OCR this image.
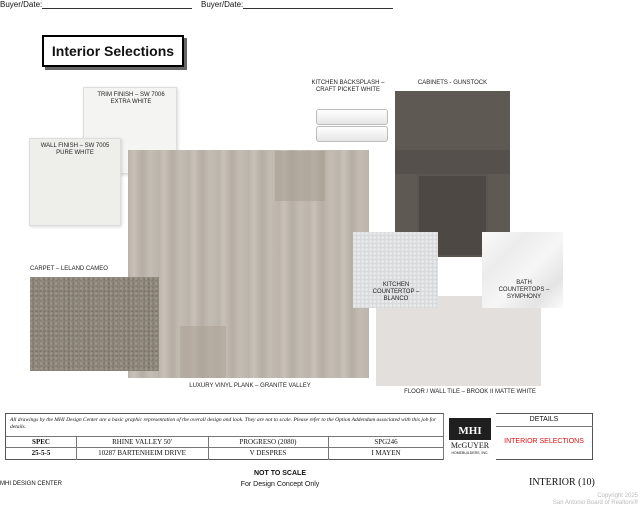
Buyer/Date:	Buyer/Date:
Interior Selections
TRIM FINISH – SW 7006 EXTRA WHITE
WALL FINISH – SW 7005 PURE WHITE
KITCHEN BACKSPLASH – CRAFT PICKET WHITE
CABINETS - GUNSTOCK
LUXURY VINYL PLANK – GRANITE VALLEY
CARPET – LELAND CAMEO
FLOOR / WALL TILE – BROOK II MATTE WHITE
KITCHEN COUNTERTOP – BLANCO
BATH COUNTERTOPS – SYMPHONY
All drawings by the MHI Design Center are a basic graphic representation of the overall design and look. They are not to scale. Please refer to the Option Addendum associated with this job for details.
SPEC
25-5-5
RHINE VALLEY 50'
10287 BARTENHEIM DRIVE
PROGRESO (2080)
V DESPRES
SPG246
I MAYEN
DETAILS
INTERIOR SELECTIONS
MHI
McGUYER
HOMEBUILDERS, INC.
NOT TO SCALE
For Design Concept Only
MHI DESIGN CENTER	INTERIOR (10)
Copyright 2025
San Antonio Board of Realtors®
